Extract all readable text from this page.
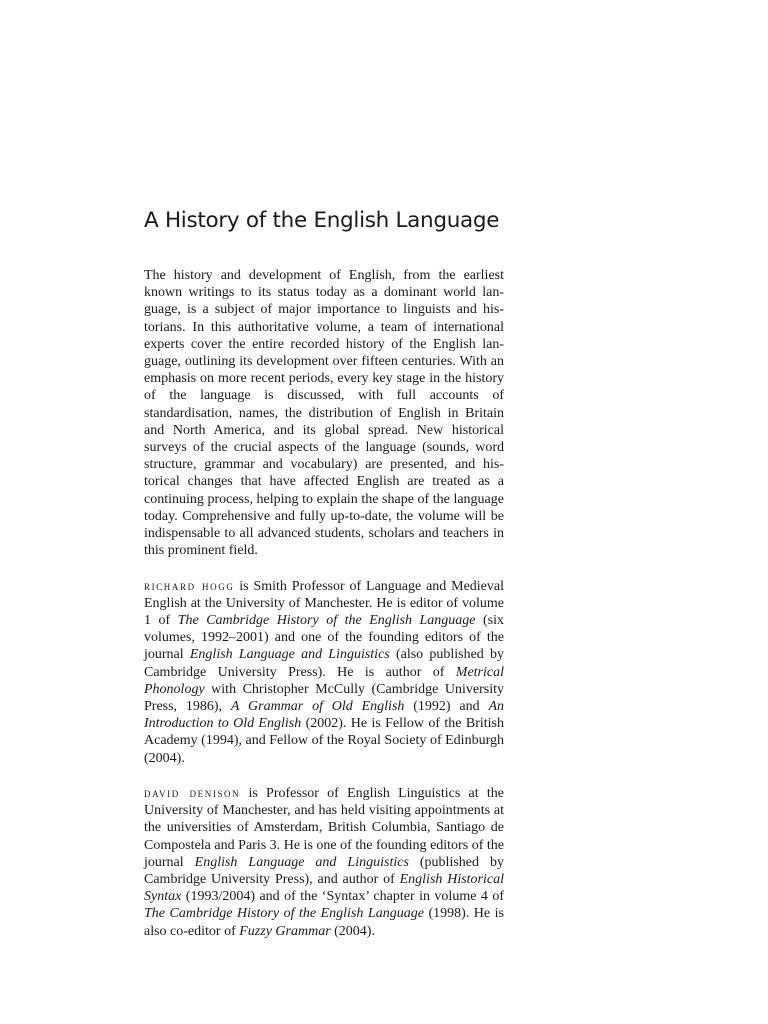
A History of the English Language

The history and development of English, from the earliest known writings to its status today as a dominant world language, is a subject of major importance to linguists and historians. In this authoritative volume, a team of international experts cover the entire recorded history of the English language, outlining its development over fifteen centuries. With an emphasis on more recent periods, every key stage in the history of the language is discussed, with full accounts of standardisation, names, the distribution of English in Britain and North America, and its global spread. New historical surveys of the crucial aspects of the language (sounds, word structure, grammar and vocabulary) are presented, and historical changes that have affected English are treated as a continuing process, helping to explain the shape of the language today. Comprehensive and fully up-to-date, the volume will be indispensable to all advanced students, scholars and teachers in this prominent field.

richard hogg is Smith Professor of Language and Medieval English at the University of Manchester. He is editor of volume 1 of The Cambridge History of the English Language (six volumes, 1992–2001) and one of the founding editors of the journal English Language and Linguistics (also published by Cambridge University Press). He is author of Metrical Phonology with Christopher McCully (Cambridge University Press, 1986), A Grammar of Old English (1992) and An Introduction to Old English (2002). He is Fellow of the British Academy (1994), and Fellow of the Royal Society of Edinburgh (2004).

david denison is Professor of English Linguistics at the University of Manchester, and has held visiting appointments at the universities of Amsterdam, British Columbia, Santiago de Compostela and Paris 3. He is one of the founding editors of the journal English Language and Linguistics (published by Cambridge University Press), and author of English Historical Syntax (1993/2004) and of the ‘Syntax’ chapter in volume 4 of The Cambridge History of the English Language (1998). He is also co-editor of Fuzzy Grammar (2004).
